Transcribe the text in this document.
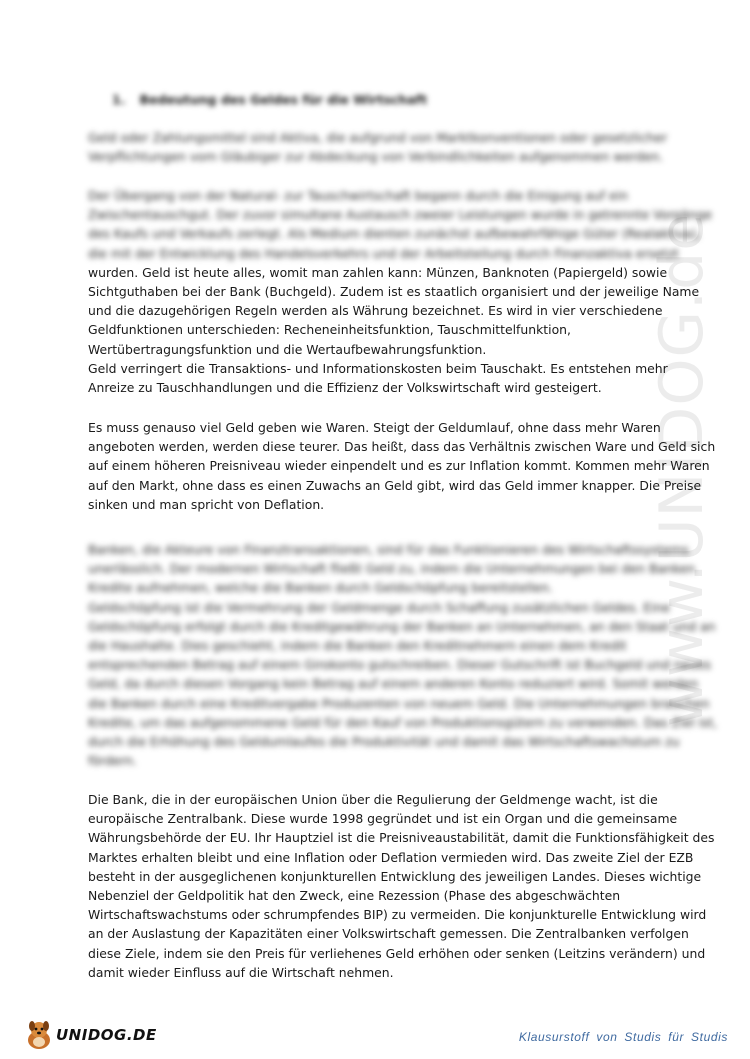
www.UNIDOG.de
1. Bedeutung des Geldes für die Wirtschaft
Geld oder Zahlungsmittel sind Aktiva, die aufgrund von Marktkonventionen oder gesetzlicher
Verpflichtungen vom Gläubiger zur Abdeckung von Verbindlichkeiten aufgenommen werden.
Der Übergang von der Natural- zur Tauschwirtschaft begann durch die Einigung auf ein
Zwischentauschgut. Der zuvor simultane Austausch zweier Leistungen wurde in getrennte Vorgänge
des Kaufs und Verkaufs zerlegt. Als Medium dienten zunächst aufbewahrfähige Güter (Realaktiva),
die mit der Entwicklung des Handelsverkehrs und der Arbeitsteilung durch Finanzaktiva ersetzt
wurden. Geld ist heute alles, womit man zahlen kann: Münzen, Banknoten (Papiergeld) sowie
Sichtguthaben bei der Bank (Buchgeld). Zudem ist es staatlich organisiert und der jeweilige Name
und die dazugehörigen Regeln werden als Währung bezeichnet. Es wird in vier verschiedene
Geldfunktionen unterschieden: Recheneinheitsfunktion, Tauschmittelfunktion,
Wertübertragungsfunktion und die Wertaufbewahrungsfunktion.
Geld verringert die Transaktions- und Informationskosten beim Tauschakt. Es entstehen mehr
Anreize zu Tauschhandlungen und die Effizienz der Volkswirtschaft wird gesteigert.
Es muss genauso viel Geld geben wie Waren. Steigt der Geldumlauf, ohne dass mehr Waren
angeboten werden, werden diese teurer. Das heißt, dass das Verhältnis zwischen Ware und Geld sich
auf einem höheren Preisniveau wieder einpendelt und es zur Inflation kommt. Kommen mehr Waren
auf den Markt, ohne dass es einen Zuwachs an Geld gibt, wird das Geld immer knapper. Die Preise
sinken und man spricht von Deflation.
Banken, die Akteure von Finanztransaktionen, sind für das Funktionieren des Wirtschaftssystems
unerlässlich. Der modernen Wirtschaft fließt Geld zu, indem die Unternehmungen bei den Banken
Kredite aufnehmen, welche die Banken durch Geldschöpfung bereitstellen.
Geldschöpfung ist die Vermehrung der Geldmenge durch Schaffung zusätzlichen Geldes. Eine
Geldschöpfung erfolgt durch die Kreditgewährung der Banken an Unternehmen, an den Staat und an
die Haushalte. Dies geschieht, indem die Banken den Kreditnehmern einen dem Kredit
entsprechenden Betrag auf einem Girokonto gutschreiben. Dieser Gutschrift ist Buchgeld und neues
Geld, da durch diesen Vorgang kein Betrag auf einem anderen Konto reduziert wird. Somit werden
die Banken durch eine Kreditvergabe Produzenten von neuem Geld. Die Unternehmungen brauchen
Kredite, um das aufgenommene Geld für den Kauf von Produktionsgütern zu verwenden. Das Ziel ist,
durch die Erhöhung des Geldumlaufes die Produktivität und damit das Wirtschaftswachstum zu
fördern.
Die Bank, die in der europäischen Union über die Regulierung der Geldmenge wacht, ist die
europäische Zentralbank. Diese wurde 1998 gegründet und ist ein Organ und die gemeinsame
Währungsbehörde der EU. Ihr Hauptziel ist die Preisniveaustabilität, damit die Funktionsfähigkeit des
Marktes erhalten bleibt und eine Inflation oder Deflation vermieden wird. Das zweite Ziel der EZB
besteht in der ausgeglichenen konjunkturellen Entwicklung des jeweiligen Landes. Dieses wichtige
Nebenziel der Geldpolitik hat den Zweck, eine Rezession (Phase des abgeschwächten
Wirtschaftswachstums oder schrumpfendes BIP) zu vermeiden. Die konjunkturelle Entwicklung wird
an der Auslastung der Kapazitäten einer Volkswirtschaft gemessen. Die Zentralbanken verfolgen
diese Ziele, indem sie den Preis für verliehenes Geld erhöhen oder senken (Leitzins verändern) und
damit wieder Einfluss auf die Wirtschaft nehmen.
UNIDOG.DE	Klausurstoff von Studis für Studis
